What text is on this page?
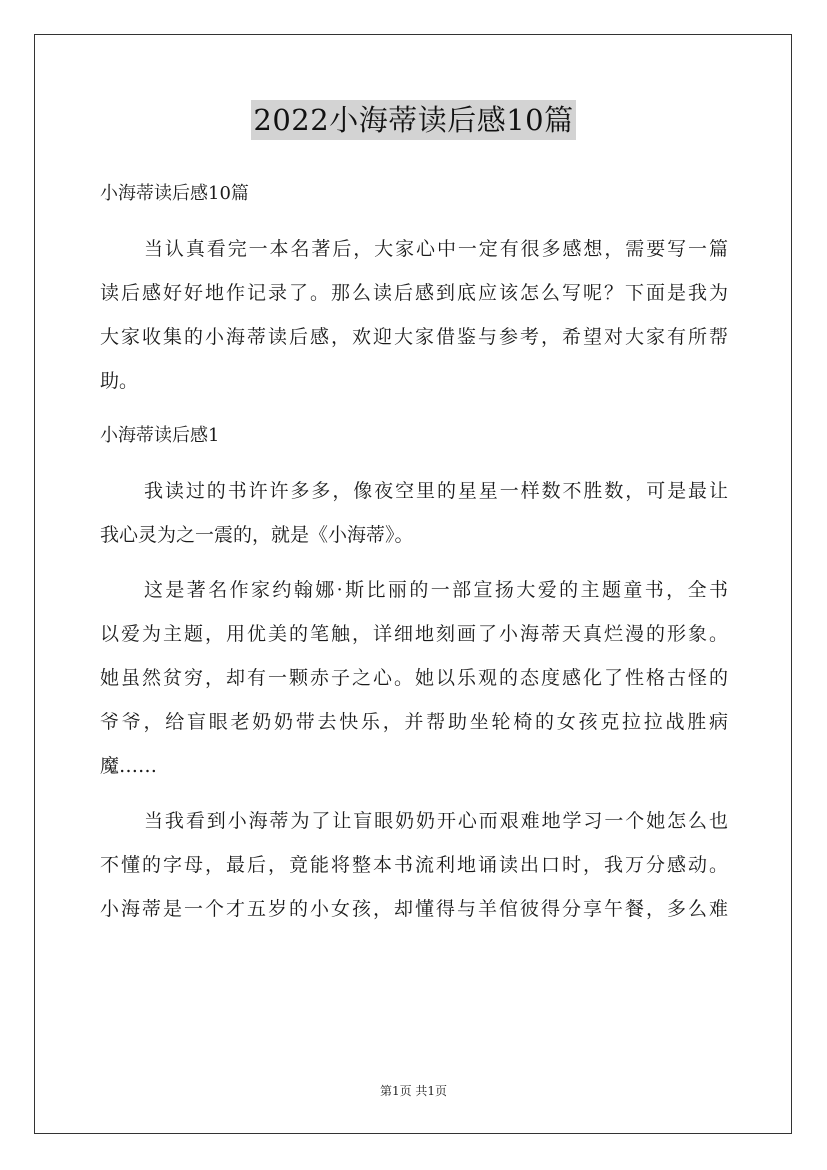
2022小海蒂读后感10篇
小海蒂读后感10篇
当认真看完一本名著后，大家心中一定有很多感想，需要写一篇
读后感好好地作记录了。那么读后感到底应该怎么写呢？下面是我为
大家收集的小海蒂读后感，欢迎大家借鉴与参考，希望对大家有所帮
助。
小海蒂读后感1
我读过的书许许多多，像夜空里的星星一样数不胜数，可是最让
我心灵为之一震的，就是《小海蒂》。
这是著名作家约翰娜·斯比丽的一部宣扬大爱的主题童书，全书
以爱为主题，用优美的笔触，详细地刻画了小海蒂天真烂漫的形象。
她虽然贫穷，却有一颗赤子之心。她以乐观的态度感化了性格古怪的
爷爷，给盲眼老奶奶带去快乐，并帮助坐轮椅的女孩克拉拉战胜病
魔……
当我看到小海蒂为了让盲眼奶奶开心而艰难地学习一个她怎么也
不懂的字母，最后，竟能将整本书流利地诵读出口时，我万分感动。
小海蒂是一个才五岁的小女孩，却懂得与羊倌彼得分享午餐，多么难
第1页 共1页
